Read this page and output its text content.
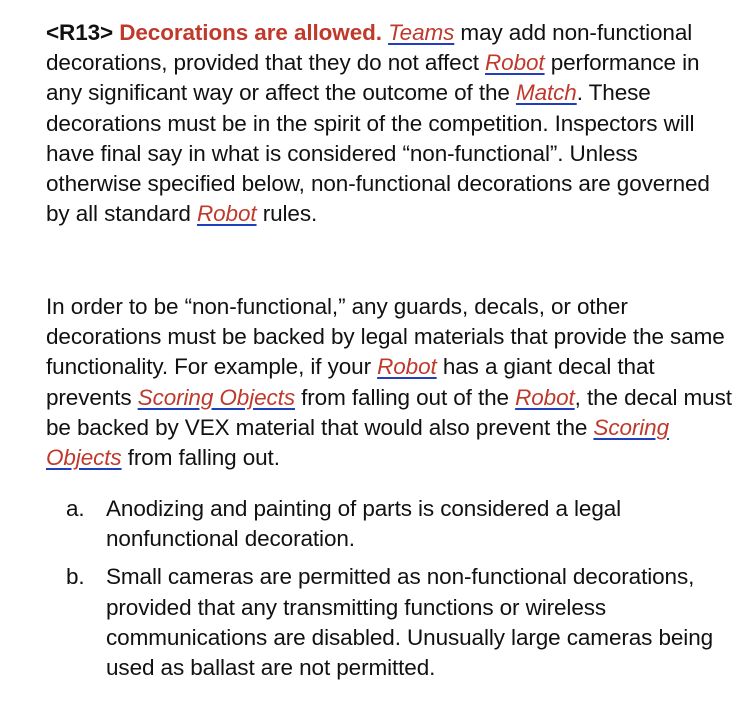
<R13> Decorations are allowed. Teams may add non-functional decorations, provided that they do not affect Robot performance in any significant way or affect the outcome of the Match. These decorations must be in the spirit of the competition. Inspectors will have final say in what is considered “non-functional”. Unless otherwise specified below, non-functional decorations are governed by all standard Robot rules.

In order to be “non-functional,” any guards, decals, or other decorations must be backed by legal materials that provide the same functionality. For example, if your Robot has a giant decal that prevents Scoring Objects from falling out of the Robot, the decal must be backed by VEX material that would also prevent the Scoring Objects from falling out.

a. Anodizing and painting of parts is considered a legal nonfunctional decoration.
b. Small cameras are permitted as non-functional decorations, provided that any transmitting functions or wireless communications are disabled. Unusually large cameras being used as ballast are not permitted.
